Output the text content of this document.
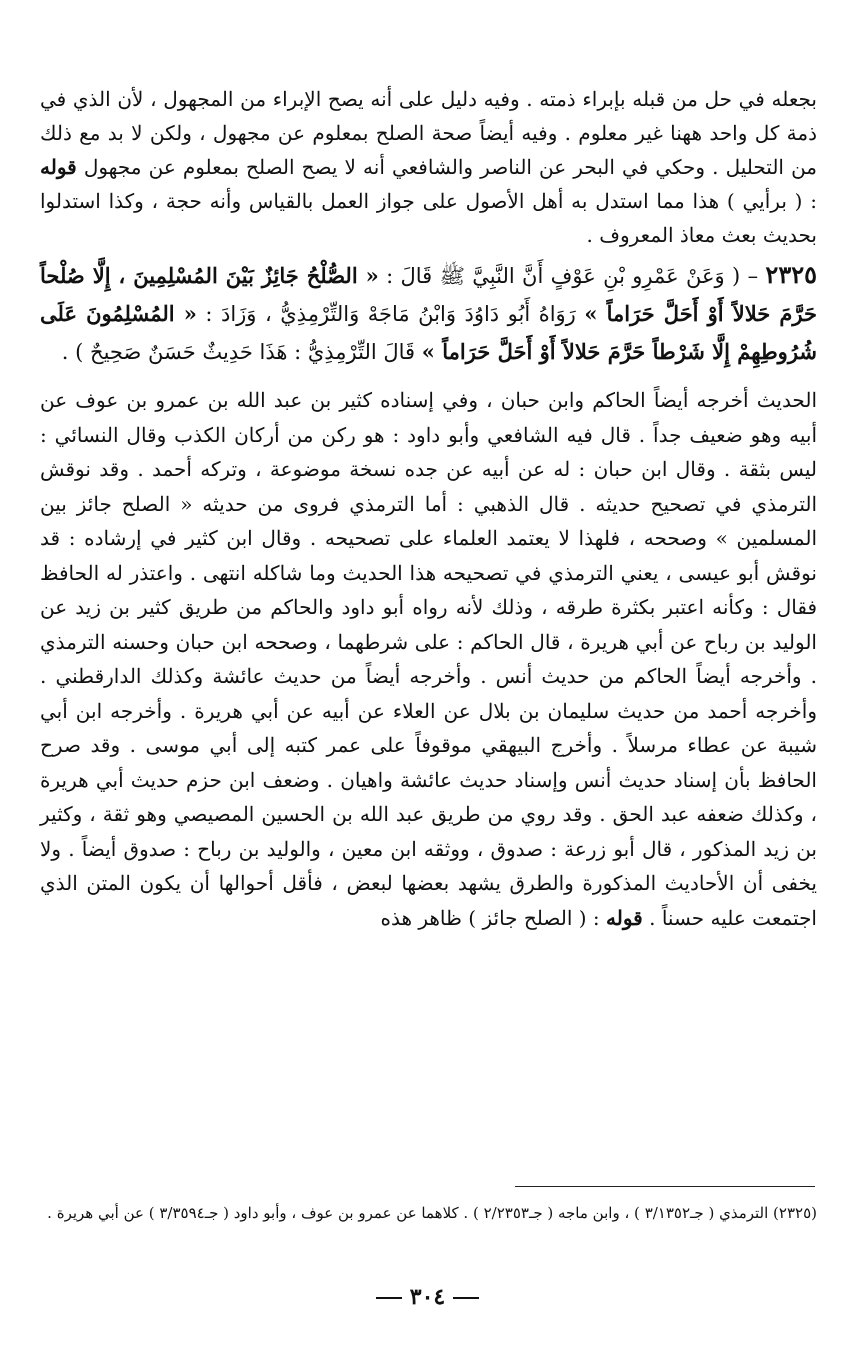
بجعله في حل من قبله بإبراء ذمته . وفيه دليل على أنه يصح الإبراء من المجهول ، لأن الذي في ذمة كل واحد ههنا غير معلوم . وفيه أيضاً صحة الصلح بمعلوم عن مجهول ، ولكن لا بد مع ذلك من التحليل . وحكي في البحر عن الناصر والشافعي أنه لا يصح الصلح بمعلوم عن مجهول قوله : ( برأيي ) هذا مما استدل به أهل الأصول على جواز العمل بالقياس وأنه حجة ، وكذا استدلوا بحديث بعث معاذ المعروف .

٢٣٢٥ – ( وَعَنْ عَمْرِو بْنِ عَوْفٍ أَنَّ النَّبِيَّ ﷺ قَالَ : « الصُّلْحُ جَائِزٌ بَيْنَ المُسْلِمِينَ ، إِلَّا صُلْحاً حَرَّمَ حَلالاً أَوْ أَحَلَّ حَرَاماً » رَوَاهُ أَبُو دَاوُدَ وَابْنُ مَاجَهْ وَالتِّرْمِذِيُّ ، وَزَادَ : « المُسْلِمُونَ عَلَى شُرُوطِهِمْ إِلَّا شَرْطاً حَرَّمَ حَلالاً أَوْ أَحَلَّ حَرَاماً » قَالَ التِّرْمِذِيُّ : هَذَا حَدِيثٌ حَسَنٌ صَحِيحٌ ) .

الحديث أخرجه أيضاً الحاكم وابن حبان ، وفي إسناده كثير بن عبد الله بن عمرو بن عوف عن أبيه وهو ضعيف جداً . قال فيه الشافعي وأبو داود : هو ركن من أركان الكذب وقال النسائي : ليس بثقة . وقال ابن حبان : له عن أبيه عن جده نسخة موضوعة ، وتركه أحمد . وقد نوقش الترمذي في تصحيح حديثه . قال الذهبي : أما الترمذي فروى من حديثه « الصلح جائز بين المسلمين » وصححه ، فلهذا لا يعتمد العلماء على تصحيحه . وقال ابن كثير في إرشاده : قد نوقش أبو عيسى ، يعني الترمذي في تصحيحه هذا الحديث وما شاكله انتهى . واعتذر له الحافظ فقال : وكأنه اعتبر بكثرة طرقه ، وذلك لأنه رواه أبو داود والحاكم من طريق كثير بن زيد عن الوليد بن رباح عن أبي هريرة ، قال الحاكم : على شرطهما ، وصححه ابن حبان وحسنه الترمذي . وأخرجه أيضاً الحاكم من حديث أنس . وأخرجه أيضاً من حديث عائشة وكذلك الدارقطني . وأخرجه أحمد من حديث سليمان بن بلال عن العلاء عن أبيه عن أبي هريرة . وأخرجه ابن أبي شيبة عن عطاء مرسلاً . وأخرج البيهقي موقوفاً على عمر كتبه إلى أبي موسى . وقد صرح الحافظ بأن إسناد حديث أنس وإسناد حديث عائشة واهيان . وضعف ابن حزم حديث أبي هريرة ، وكذلك ضعفه عبد الحق . وقد روي من طريق عبد الله بن الحسين المصيصي وهو ثقة ، وكثير بن زيد المذكور ، قال أبو زرعة : صدوق ، ووثقه ابن معين ، والوليد بن رباح : صدوق أيضاً . ولا يخفى أن الأحاديث المذكورة والطرق يشهد بعضها لبعض ، فأقل أحوالها أن يكون المتن الذي اجتمعت عليه حسناً . قوله : ( الصلح جائز ) ظاهر هذه

(٢٣٢٥) الترمذي ( جـ٣/١٣٥٢ ) ، وابن ماجه ( جـ٢/٢٣٥٣ ) . كلاهما عن عمرو بن عوف ، وأبو داود ( جـ٣/٣٥٩٤ ) عن أبي هريرة .

٣٠٤
